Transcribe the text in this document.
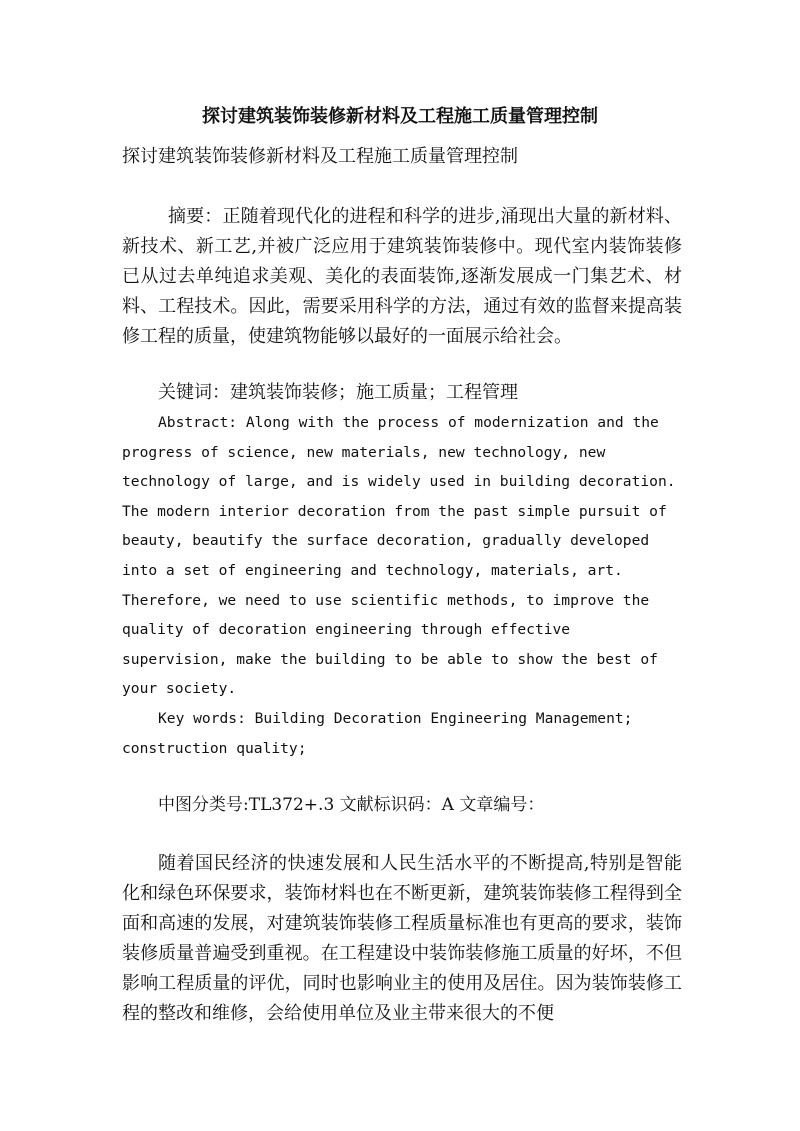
探讨建筑装饰装修新材料及工程施工质量管理控制
探讨建筑装饰装修新材料及工程施工质量管理控制
摘要：正随着现代化的进程和科学的进步,涌现出大量的新材料、新技术、新工艺,并被广泛应用于建筑装饰装修中。现代室内装饰装修已从过去单纯追求美观、美化的表面装饰,逐渐发展成一门集艺术、材料、工程技术。因此，需要采用科学的方法，通过有效的监督来提高装修工程的质量，使建筑物能够以最好的一面展示给社会。
关键词：建筑装饰装修；施工质量；工程管理
Abstract: Along with the process of modernization and the progress of science, new materials, new technology, new technology of large, and is widely used in building decoration. The modern interior decoration from the past simple pursuit of beauty, beautify the surface decoration, gradually developed into a set of engineering and technology, materials, art. Therefore, we need to use scientific methods, to improve the quality of decoration engineering through effective supervision, make the building to be able to show the best of your society.
Key words: Building Decoration Engineering Management; construction quality;
中图分类号:TL372+.3 文献标识码：A 文章编号：
随着国民经济的快速发展和人民生活水平的不断提高,特别是智能化和绿色环保要求，装饰材料也在不断更新，建筑装饰装修工程得到全面和高速的发展，对建筑装饰装修工程质量标准也有更高的要求，装饰装修质量普遍受到重视。在工程建设中装饰装修施工质量的好坏，不但影响工程质量的评优，同时也影响业主的使用及居住。因为装饰装修工程的整改和维修，会给使用单位及业主带来很大的不便
